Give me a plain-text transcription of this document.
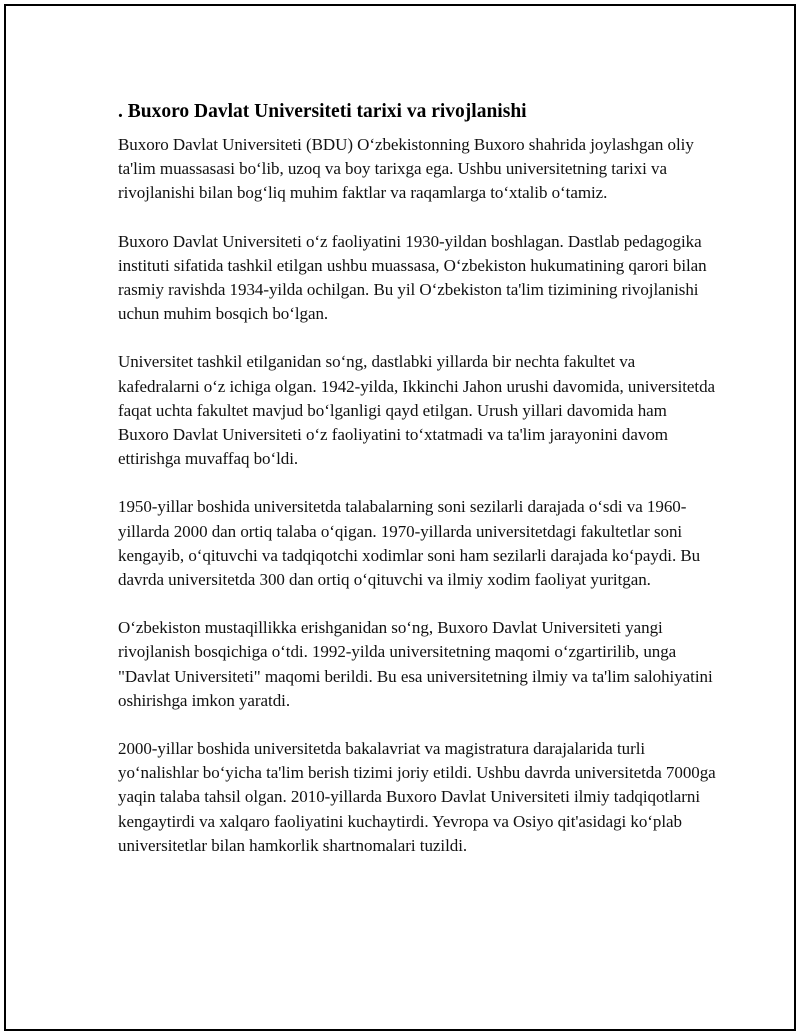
. Buxoro Davlat Universiteti tarixi va rivojlanishi

Buxoro Davlat Universiteti (BDU) O‘zbekistonning Buxoro shahrida joylashgan oliy ta'lim muassasasi bo‘lib, uzoq va boy tarixga ega. Ushbu universitetning tarixi va rivojlanishi bilan bog‘liq muhim faktlar va raqamlarga to‘xtalib o‘tamiz.

Buxoro Davlat Universiteti o‘z faoliyatini 1930-yildan boshlagan. Dastlab pedagogika instituti sifatida tashkil etilgan ushbu muassasa, O‘zbekiston hukumatining qarori bilan rasmiy ravishda 1934-yilda ochilgan. Bu yil O‘zbekiston ta'lim tizimining rivojlanishi uchun muhim bosqich bo‘lgan.

Universitet tashkil etilganidan so‘ng, dastlabki yillarda bir nechta fakultet va kafedralarni o‘z ichiga olgan. 1942-yilda, Ikkinchi Jahon urushi davomida, universitetda faqat uchta fakultet mavjud bo‘lganligi qayd etilgan. Urush yillari davomida ham Buxoro Davlat Universiteti o‘z faoliyatini to‘xtatmadi va ta'lim jarayonini davom ettirishga muvaffaq bo‘ldi.

1950-yillar boshida universitetda talabalarning soni sezilarli darajada o‘sdi va 1960-yillarda 2000 dan ortiq talaba o‘qigan. 1970-yillarda universitetdagi fakultetlar soni kengayib, o‘qituvchi va tadqiqotchi xodimlar soni ham sezilarli darajada ko‘paydi. Bu davrda universitetda 300 dan ortiq o‘qituvchi va ilmiy xodim faoliyat yuritgan.

O‘zbekiston mustaqillikka erishganidan so‘ng, Buxoro Davlat Universiteti yangi rivojlanish bosqichiga o‘tdi. 1992-yilda universitetning maqomi o‘zgartirilib, unga "Davlat Universiteti" maqomi berildi. Bu esa universitetning ilmiy va ta'lim salohiyatini oshirishga imkon yaratdi.

2000-yillar boshida universitetda bakalavriat va magistratura darajalarida turli yo‘nalishlar bo‘yicha ta'lim berish tizimi joriy etildi. Ushbu davrda universitetda 7000ga yaqin talaba tahsil olgan. 2010-yillarda Buxoro Davlat Universiteti ilmiy tadqiqotlarni kengaytirdi va xalqaro faoliyatini kuchaytirdi. Yevropa va Osiyo qit'asidagi ko‘plab universitetlar bilan hamkorlik shartnomalari tuzildi.
